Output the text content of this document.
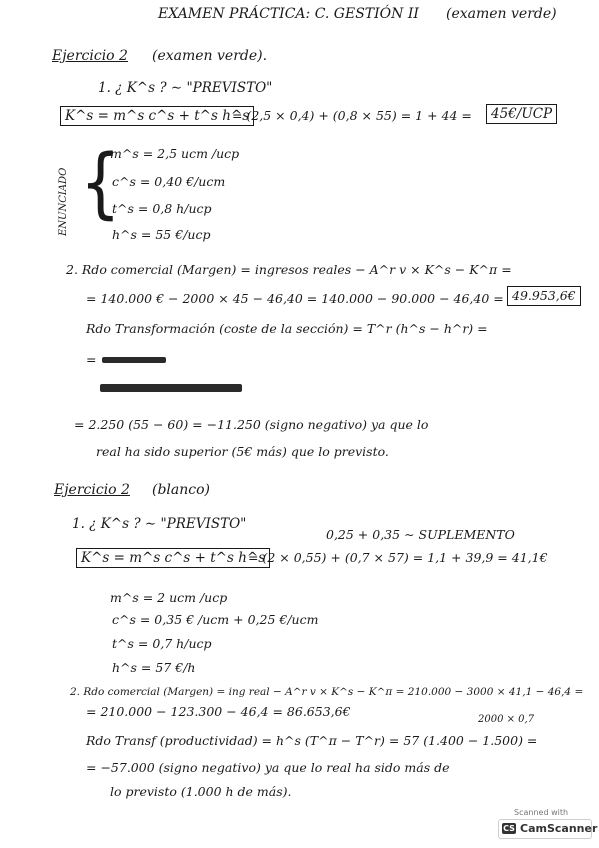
EXAMEN PRÁCTICA: C. GESTIÓN II (examen verde)
Ejercicio 2 (examen verde).
1. ¿ K^s ? ∼ "PREVISTO"
K^s = m^s c^s + t^s h^s
= (2,5 × 0,4) + (0,8 × 55) = 1 + 44 =	45€/UCP
ENUNCIADO {
m^s = 2,5 ucm /ucp
c^s = 0,40 €/ucm
t^s = 0,8 h/ucp
h^s = 55 €/ucp
2. Rdo comercial (Margen) = ingresos reales − A^r v × K^s − K^π =
= 140.000 € − 2000 × 45 − 46,40 = 140.000 − 90.000 − 46,40 = 49.953,6€
Rdo Transformación (coste de la sección) = T^r (h^s − h^r) =
=
= 2.250 (55 − 60) = −11.250 (signo negativo) ya que lo
real ha sido superior (5€ más) que lo previsto.
Ejercicio 2 (blanco)
1. ¿ K^s ? ∼ "PREVISTO"
0,25 + 0,35 ∼ SUPLEMENTO
K^s = m^s c^s + t^s h^s
= (2 × 0,55) + (0,7 × 57) = 1,1 + 39,9 = 41,1€
m^s = 2 ucm /ucp
c^s = 0,35 € /ucm + 0,25 €/ucm
t^s = 0,7 h/ucp
h^s = 57 €/h
2. Rdo comercial (Margen) = ing real − A^r v × K^s − K^π = 210.000 − 3000 × 41,1 − 46,4 =
= 210.000 − 123.300 − 46,4 = 86.653,6€
2000 × 0,7
Rdo Transf (productividad) = h^s (T^π − T^r) = 57 (1.400 − 1.500) =
= −57.000 (signo negativo) ya que lo real ha sido más de
lo previsto (1.000 h de más).
Scanned with
CS CamScanner
